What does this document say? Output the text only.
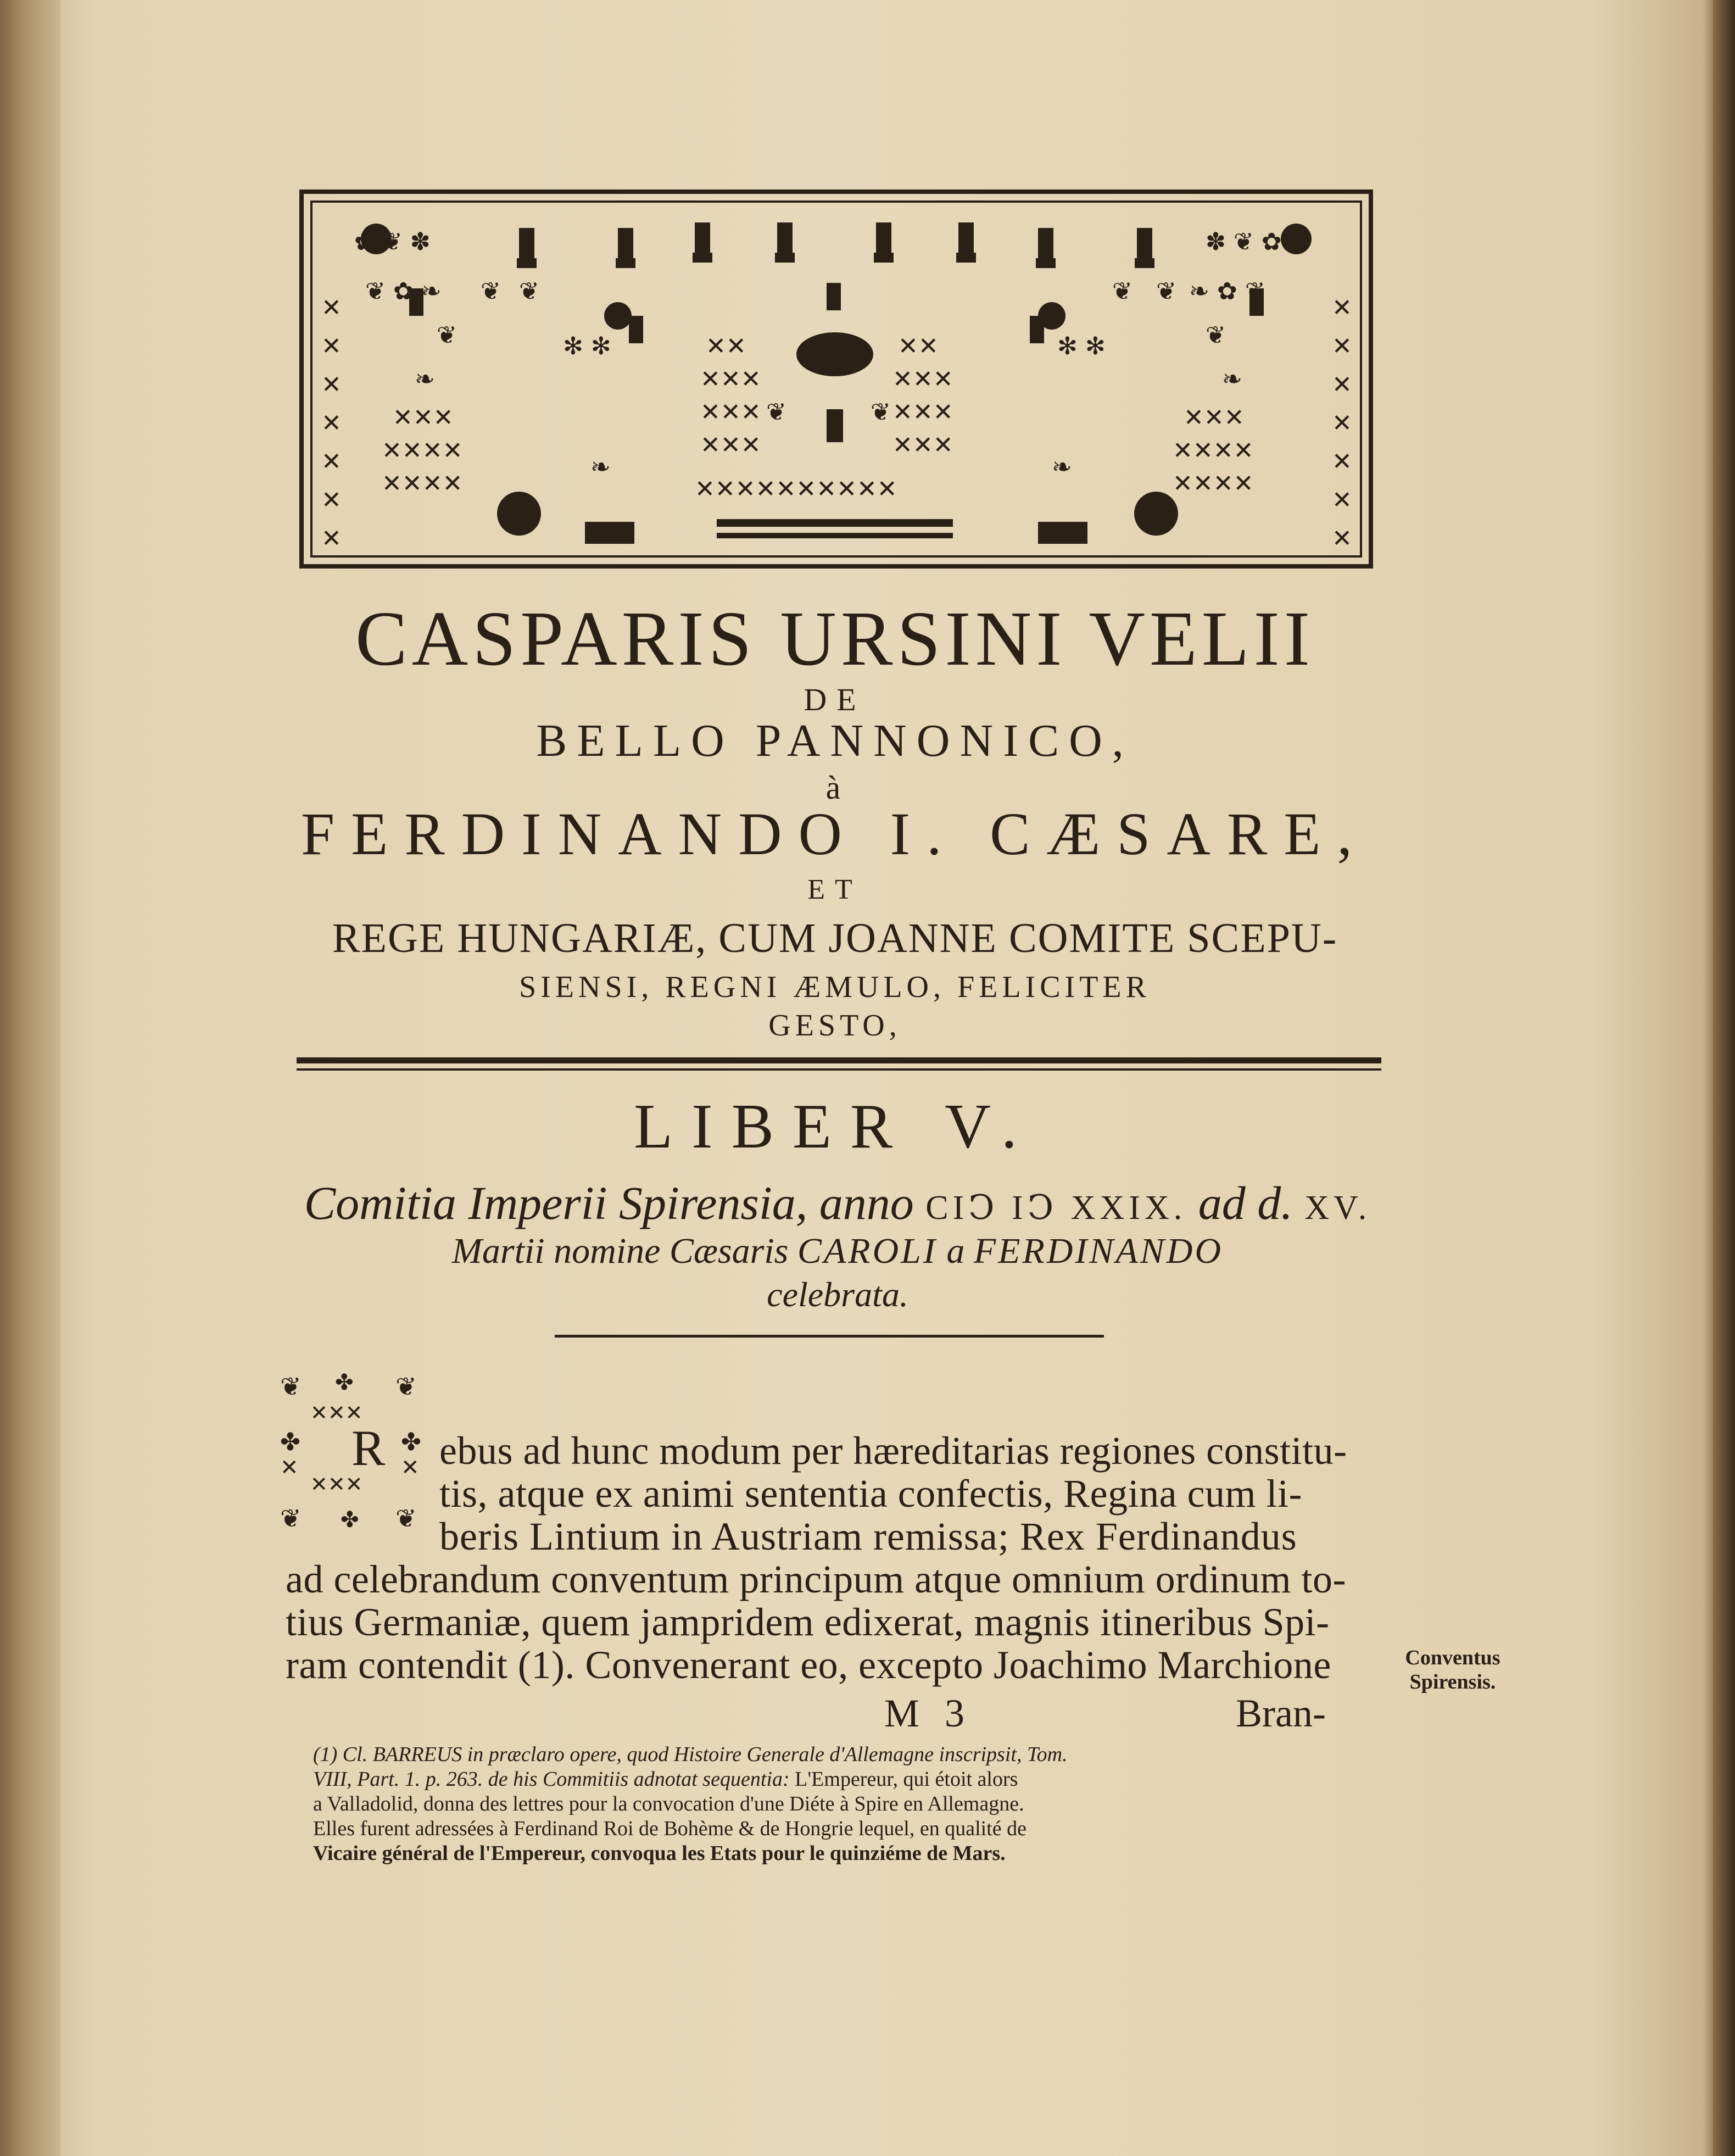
✕
✕
✕
✕
✕
✕
✕
✕
✕
✕
✕
✕
✕
✕
✕✕✕
✕✕✕✕
✕✕✕✕
✕✕✕
✕✕✕✕
✕✕✕✕
✕✕
✕✕✕
✕✕✕
✕✕✕
✕✕
✕✕✕
✕✕✕
✕✕✕
✕✕✕✕✕✕✕✕✕✕
✿ ❦ ✽	✽ ❦ ✿
❦ ✿ ❧	❧ ✿ ❦
❦	❦
✻ ✻	✻ ✻
❧	❧
❧	❧
❦	❦
❦	❦
❦	❦
CASPARIS URSINI VELII
DE
BELLO PANNONICO,
à
FERDINANDO I. CÆSARE,
ET
REGE HUNGARIÆ, CUM JOANNE COMITE SCEPU-
SIENSI, REGNI ÆMULO, FELICITER
GESTO,
LIBER V.
Comitia Imperii Spirensia, anno CIↃ IↃ XXIX. ad d. XV.
Martii nomine Cæsaris CAROLI a FERDINANDO
celebrata.
❦ ✤ ❦
✕✕✕
✤
✕
✤
✕
✕✕✕
❦ ✤ ❦
R ebus ad hunc modum per hæreditarias regiones constitu-
tis, atque ex animi sententia confectis, Regina cum li-
beris Lintium in Austriam remissa; Rex Ferdinandus
ad celebrandum conventum principum atque omnium ordinum to-
tius Germaniæ, quem jampridem edixerat, magnis itineribus Spi-
ram contendit (1). Convenerant eo, excepto Joachimo Marchione
M 3	Bran-
Conventus
Spirensis.
(1) Cl. BARREUS in præclaro opere, quod Histoire Generale d'Allemagne inscripsit, Tom.
VIII, Part. 1. p. 263. de his Commitiis adnotat sequentia: L'Empereur, qui étoit alors
a Valladolid, donna des lettres pour la convocation d'une Diéte à Spire en Allemagne.
Elles furent adressées à Ferdinand Roi de Bohème & de Hongrie lequel, en qualité de
Vicaire général de l'Empereur, convoqua les Etats pour le quinziéme de Mars.
